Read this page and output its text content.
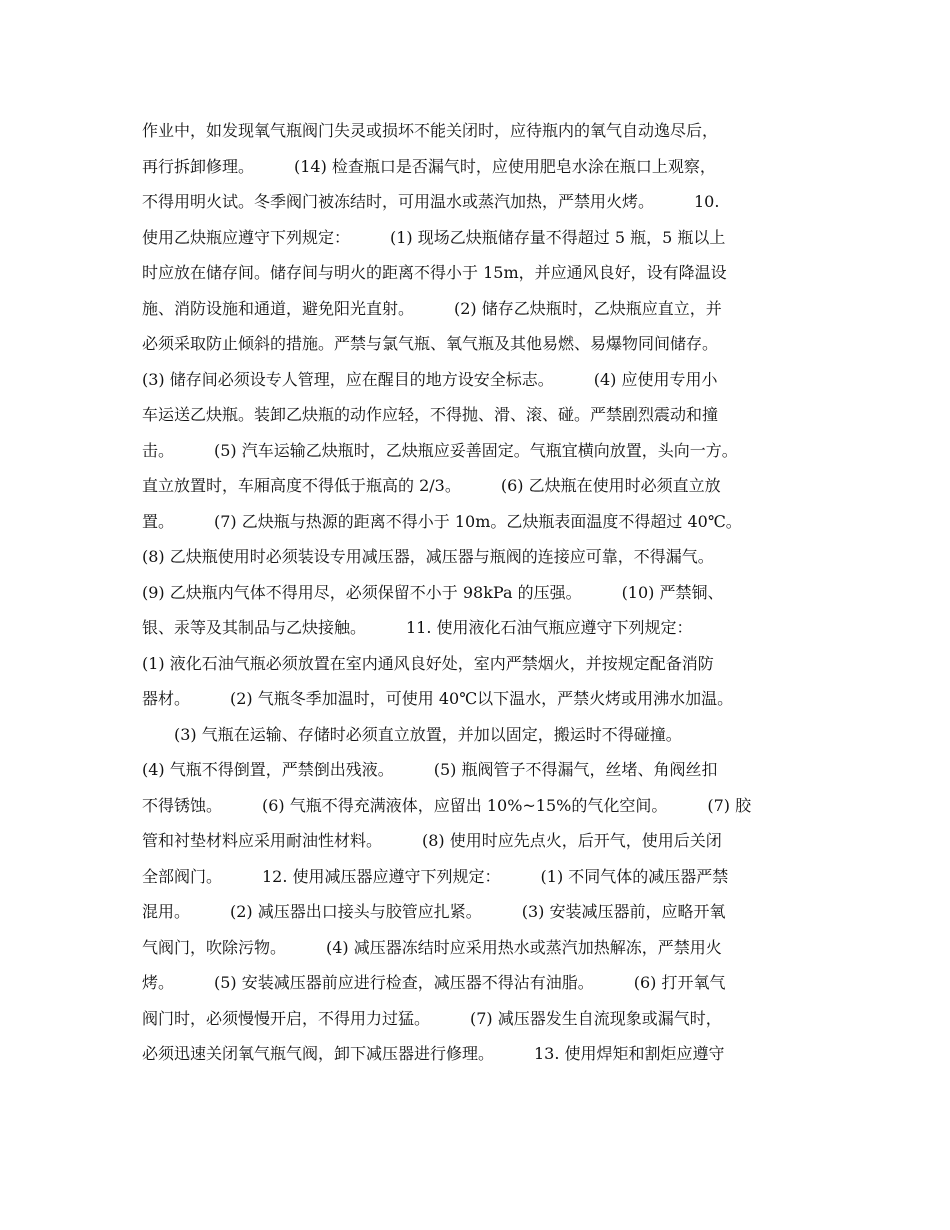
作业中，如发现氧气瓶阀门失灵或损坏不能关闭时，应待瓶内的氧气自动逸尽后，
再行拆卸修理。　　　(14) 检查瓶口是否漏气时，应使用肥皂水涂在瓶口上观察，
不得用明火试。冬季阀门被冻结时，可用温水或蒸汽加热，严禁用火烤。　　　10.
使用乙炔瓶应遵守下列规定：　　　(1) 现场乙炔瓶储存量不得超过 5 瓶，5 瓶以上
时应放在储存间。储存间与明火的距离不得小于 15m，并应通风良好，设有降温设
施、消防设施和通道，避免阳光直射。　　　(2) 储存乙炔瓶时，乙炔瓶应直立，并
必须采取防止倾斜的措施。严禁与氯气瓶、氧气瓶及其他易燃、易爆物同间储存。
(3) 储存间必须设专人管理，应在醒目的地方设安全标志。　　　(4) 应使用专用小
车运送乙炔瓶。装卸乙炔瓶的动作应轻，不得抛、滑、滚、碰。严禁剧烈震动和撞
击。　　　(5) 汽车运输乙炔瓶时，乙炔瓶应妥善固定。气瓶宜横向放置，头向一方。
直立放置时，车厢高度不得低于瓶高的 2/3。　　　(6) 乙炔瓶在使用时必须直立放
置。　　　(7) 乙炔瓶与热源的距离不得小于 10m。乙炔瓶表面温度不得超过 40℃。
(8) 乙炔瓶使用时必须装设专用减压器，减压器与瓶阀的连接应可靠，不得漏气。
(9) 乙炔瓶内气体不得用尽，必须保留不小于 98kPa 的压强。　　　(10) 严禁铜、
银、汞等及其制品与乙炔接触。　　　11. 使用液化石油气瓶应遵守下列规定：
(1) 液化石油气瓶必须放置在室内通风良好处，室内严禁烟火，并按规定配备消防
器材。　　　(2) 气瓶冬季加温时，可使用 40℃以下温水，严禁火烤或用沸水加温。
　　(3) 气瓶在运输、存储时必须直立放置，并加以固定，搬运时不得碰撞。
(4) 气瓶不得倒置，严禁倒出残液。　　　(5) 瓶阀管子不得漏气，丝堵、角阀丝扣
不得锈蚀。　　　(6) 气瓶不得充满液体，应留出 10%~15%的气化空间。　　　(7) 胶
管和衬垫材料应采用耐油性材料。　　　(8) 使用时应先点火，后开气，使用后关闭
全部阀门。　　　12. 使用减压器应遵守下列规定：　　　(1) 不同气体的减压器严禁
混用。　　　(2) 减压器出口接头与胶管应扎紧。　　　(3) 安装减压器前，应略开氧
气阀门，吹除污物。　　　(4) 减压器冻结时应采用热水或蒸汽加热解冻，严禁用火
烤。　　　(5) 安装减压器前应进行检查，减压器不得沾有油脂。　　　(6) 打开氧气
阀门时，必须慢慢开启，不得用力过猛。　　　(7) 减压器发生自流现象或漏气时，
必须迅速关闭氧气瓶气阀，卸下减压器进行修理。　　　13. 使用焊矩和割炬应遵守
